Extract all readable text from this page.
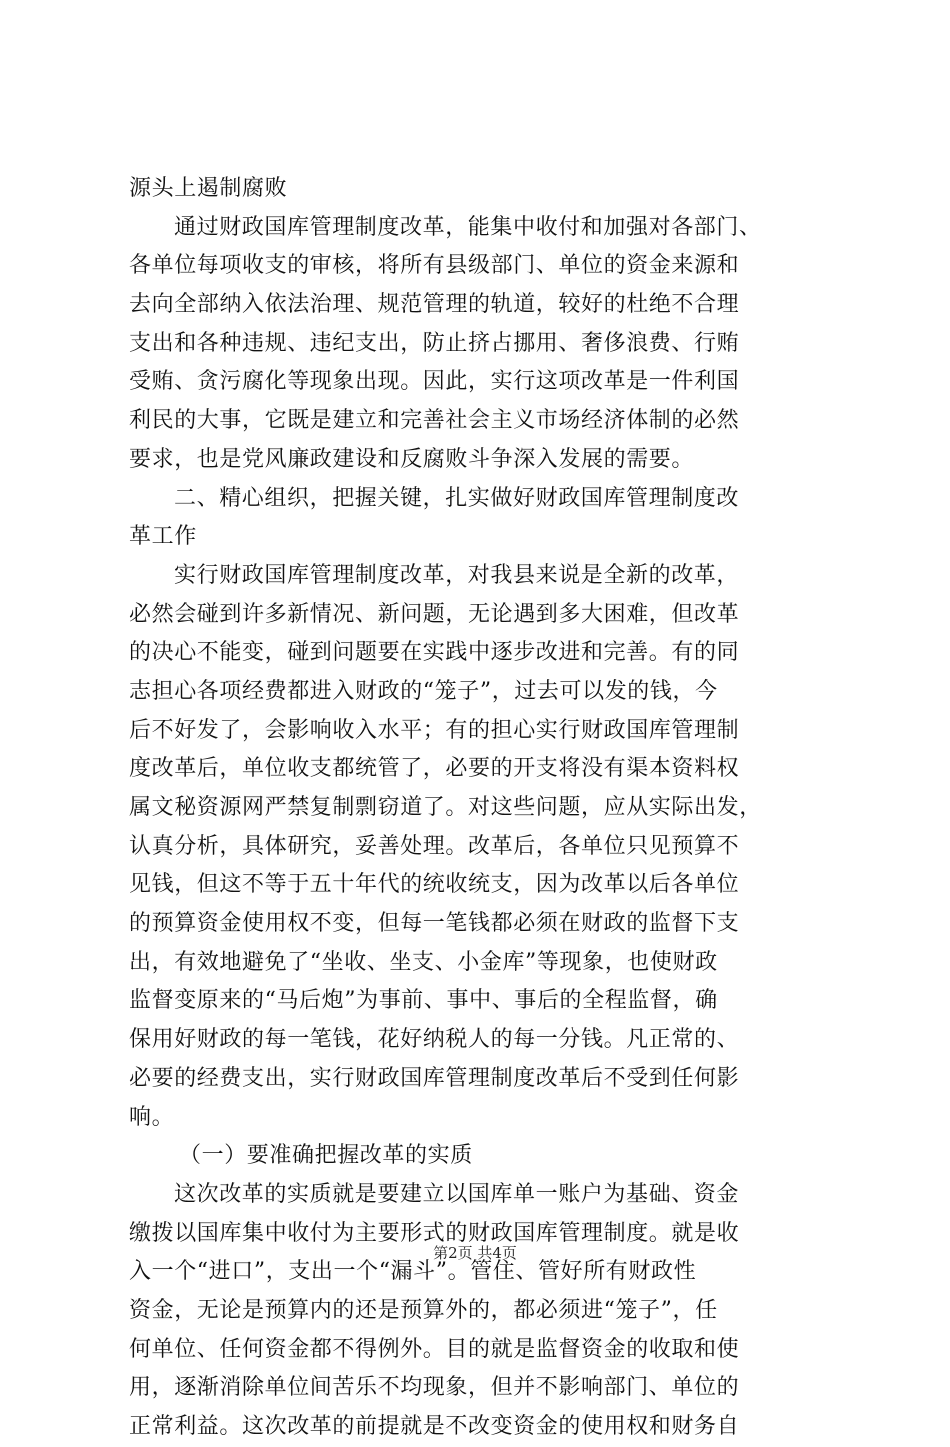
源头上遏制腐败
通过财政国库管理制度改革，能集中收付和加强对各部门、
各单位每项收支的审核，将所有县级部门、单位的资金来源和
去向全部纳入依法治理、规范管理的轨道，较好的杜绝不合理
支出和各种违规、违纪支出，防止挤占挪用、奢侈浪费、行贿
受贿、贪污腐化等现象出现。因此，实行这项改革是一件利国
利民的大事，它既是建立和完善社会主义市场经济体制的必然
要求，也是党风廉政建设和反腐败斗争深入发展的需要。
二、精心组织，把握关键，扎实做好财政国库管理制度改
革工作
实行财政国库管理制度改革，对我县来说是全新的改革，
必然会碰到许多新情况、新问题，无论遇到多大困难，但改革
的决心不能变，碰到问题要在实践中逐步改进和完善。有的同
志担心各项经费都进入财政的“笼子”，过去可以发的钱，今
后不好发了，会影响收入水平；有的担心实行财政国库管理制
度改革后，单位收支都统管了，必要的开支将没有渠本资料权
属文秘资源网严禁复制剽窃道了。对这些问题，应从实际出发，
认真分析，具体研究，妥善处理。改革后，各单位只见预算不
见钱，但这不等于五十年代的统收统支，因为改革以后各单位
的预算资金使用权不变，但每一笔钱都必须在财政的监督下支
出，有效地避免了“坐收、坐支、小金库”等现象，也使财政
监督变原来的“马后炮”为事前、事中、事后的全程监督，确
保用好财政的每一笔钱，花好纳税人的每一分钱。凡正常的、
必要的经费支出，实行财政国库管理制度改革后不受到任何影
响。
（一）要准确把握改革的实质
这次改革的实质就是要建立以国库单一账户为基础、资金
缴拨以国库集中收付为主要形式的财政国库管理制度。就是收
入一个“进口”，支出一个“漏斗”。管住、管好所有财政性
资金，无论是预算内的还是预算外的，都必须进“笼子”，任
何单位、任何资金都不得例外。目的就是监督资金的收取和使
用，逐渐消除单位间苦乐不均现象，但并不影响部门、单位的
正常利益。这次改革的前提就是不改变资金的使用权和财务自
第2页 共4页
